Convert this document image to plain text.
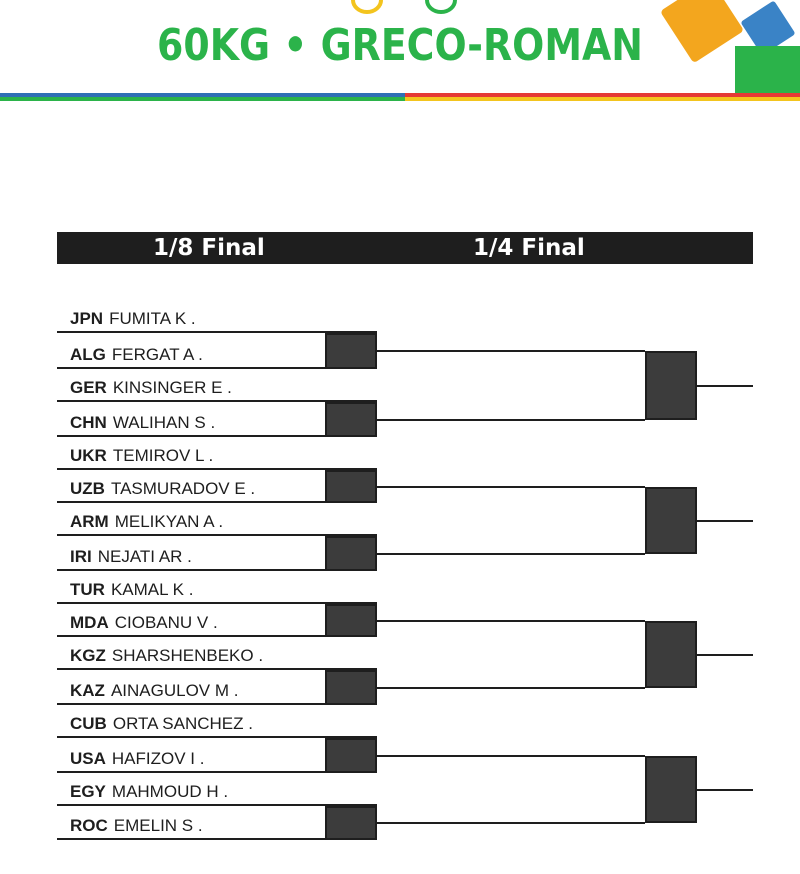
60KG • GRECO-ROMAN
1/8 Final	1/4 Final
JPN FUMITA K .
ALG FERGAT A .
GER KINSINGER E .
CHN WALIHAN S .
UKR TEMIROV L .
UZB TASMURADOV E .
ARM MELIKYAN A .
IRI NEJATI AR .
TUR KAMAL K .
MDA CIOBANU V .
KGZ SHARSHENBEKO .
KAZ AINAGULOV M .
CUB ORTA SANCHEZ .
USA HAFIZOV I .
EGY MAHMOUD H .
ROC EMELIN S .
